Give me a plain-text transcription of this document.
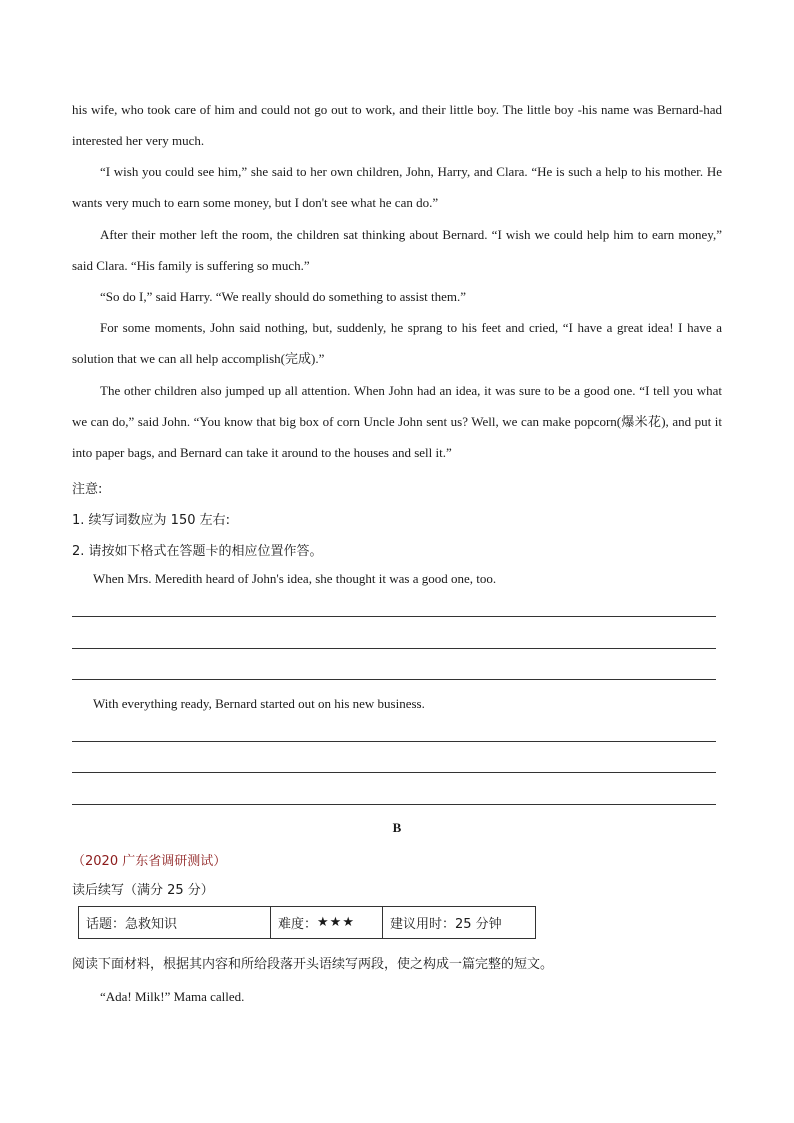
his wife, who took care of him and could not go out to work, and their little boy. The little boy -his name was Bernard-had interested her very much.

“I wish you could see him,” she said to her own children, John, Harry, and Clara. “He is such a help to his mother. He wants very much to earn some money, but I don't see what he can do.”

After their mother left the room, the children sat thinking about Bernard. “I wish we could help him to earn money,” said Clara. “His family is suffering so much.”

“So do I,” said Harry. “We really should do something to assist them.”

For some moments, John said nothing, but, suddenly, he sprang to his feet and cried, “I have a great idea! I have a solution that we can all help accomplish(完成).”

The other children also jumped up all attention. When John had an idea, it was sure to be a good one. “I tell you what we can do,” said John. “You know that big box of corn Uncle John sent us? Well, we can make popcorn(爆米花), and put it into paper bags, and Bernard can take it around to the houses and sell it.”

注意:
1. 续写词数应为 150 左右:
2. 请按如下格式在答题卡的相应位置作答。
When Mrs. Meredith heard of John's idea, she thought it was a good one, too.
With everything ready, Bernard started out on his new business.
B
（2020 广东省调研测试）
读后续写（满分 25 分）
话题：急救知识	难度： ★★★	建议用时：25 分钟
阅读下面材料，根据其内容和所给段落开头语续写两段，使之构成一篇完整的短文。
“Ada! Milk!” Mama called.
